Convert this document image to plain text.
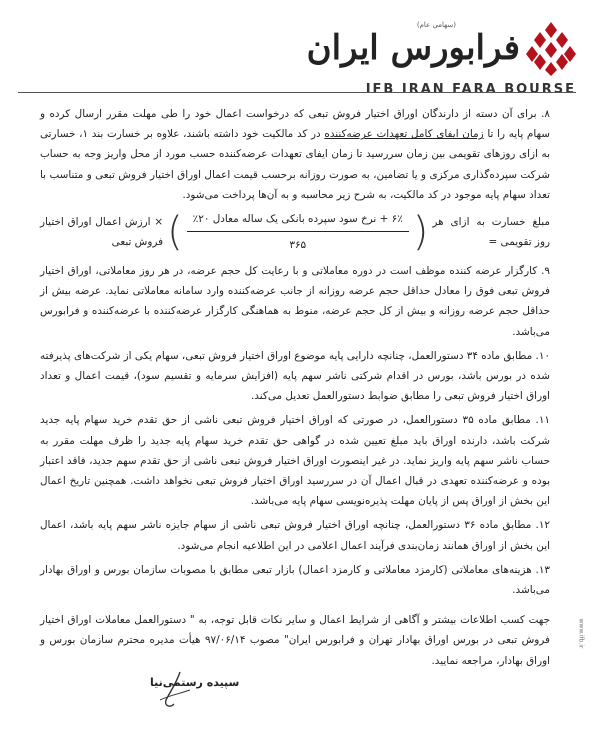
فرابورس ایران
(سهامی عام)
IFB IRAN FARA BOURSE

۸. برای آن دسته از دارندگان اوراق اختیار فروش تبعی که درخواست اعمال خود را طی مهلت مقرر ارسال کرده و سهام پایه را تا زمان ایفای کامل تعهدات عرضه‌کننده در کد مالکیت خود داشته باشند، علاوه بر خسارت بند ۱، خسارتی به ازای روزهای تقویمی بین زمان سررسید تا زمان ایفای تعهدات عرضه‌کننده حسب مورد از محل واریز وجه به حساب شرکت سپرده‌گذاری مرکزی و یا تضامین، به صورت روزانه برحسب قیمت اعمال اوراق اختیار فروش تبعی و متناسب با تعداد سهام پایه موجود در کد مالکیت، به شرح زیر محاسبه و به آن‌ها پرداخت می‌شود.

مبلغ خسارت به ازای هر روز تقویمی =
(
$\frac{\text{۶٪ + نرخ سود سپرده بانکی یک ساله معادل ۲۰٪}}{۳۶۵}$
)
× ارزش اعمال اوراق اختیار فروش تبعی

۹. کارگزار عرضه کننده موظف است در دوره معاملاتی و با رعایت کل حجم عرضه، در هر روز معاملاتی، اوراق اختیار فروش تبعی فوق را معادل حداقل حجم عرضه روزانه از جانب عرضه‌کننده وارد سامانه معاملاتی نماید. عرضه بیش از حداقل حجم عرضه روزانه و بیش از کل حجم عرضه، منوط به هماهنگی کارگزار عرضه‌کننده با عرضه‌کننده و فرابورس می‌باشد.

۱۰. مطابق ماده ۳۴ دستورالعمل، چنانچه دارایی پایه موضوع اوراق اختیار فروش تبعی، سهام یکی از شرکت‌های پذیرفته شده در بورس باشد، بورس در اقدام شرکتی ناشر سهم پایه (افزایش سرمایه و تقسیم سود)، قیمت اعمال و تعداد اوراق اختیار فروش تبعی را مطابق ضوابط دستورالعمل تعدیل می‌کند.

۱۱. مطابق ماده ۳۵ دستورالعمل، در صورتی که اوراق اختیار فروش تبعی ناشی از حق تقدم خرید سهام پایه جدید شرکت باشد، دارنده اوراق باید مبلغ تعیین شده در گواهی حق تقدم خرید سهام پایه جدید را ظرف مهلت مقرر به حساب ناشر سهم پایه واریز نماید. در غیر اینصورت اوراق اختیار فروش تبعی ناشی از حق تقدم سهم جدید، فاقد اعتبار بوده و عرضه‌کننده تعهدی در قبال اعمال آن در سررسید اوراق اختیار فروش تبعی نخواهد داشت. همچنین تاریخ اعمال این بخش از اوراق پس از پایان مهلت پذیره‌نویسی سهام پایه می‌باشد.

۱۲. مطابق ماده ۳۶ دستورالعمل، چنانچه اوراق اختیار فروش تبعی ناشی از سهام جایزه ناشر سهم پایه باشد، اعمال این بخش از اوراق همانند زمان‌بندی فرآیند اعمال اعلامی در این اطلاعیه انجام می‌شود.

۱۳. هزینه‌های معاملاتی (کارمزد معاملاتی و کارمزد اعمال) بازار تبعی مطابق با مصوبات سازمان بورس و اوراق بهادار می‌باشد.

جهت کسب اطلاعات بیشتر و آگاهی از شرایط اعمال و سایر نکات قابل توجه، به " دستورالعمل معاملات اوراق اختیار فروش تبعی در بورس اوراق بهادار تهران و فرابورس ایران" مصوب ۹۷/۰۶/۱۴ هیأت مدیره محترم سازمان بورس و اوراق بهادار، مراجعه نمایید.

سپیده رستمی‌نیا
www.ifb.ir
